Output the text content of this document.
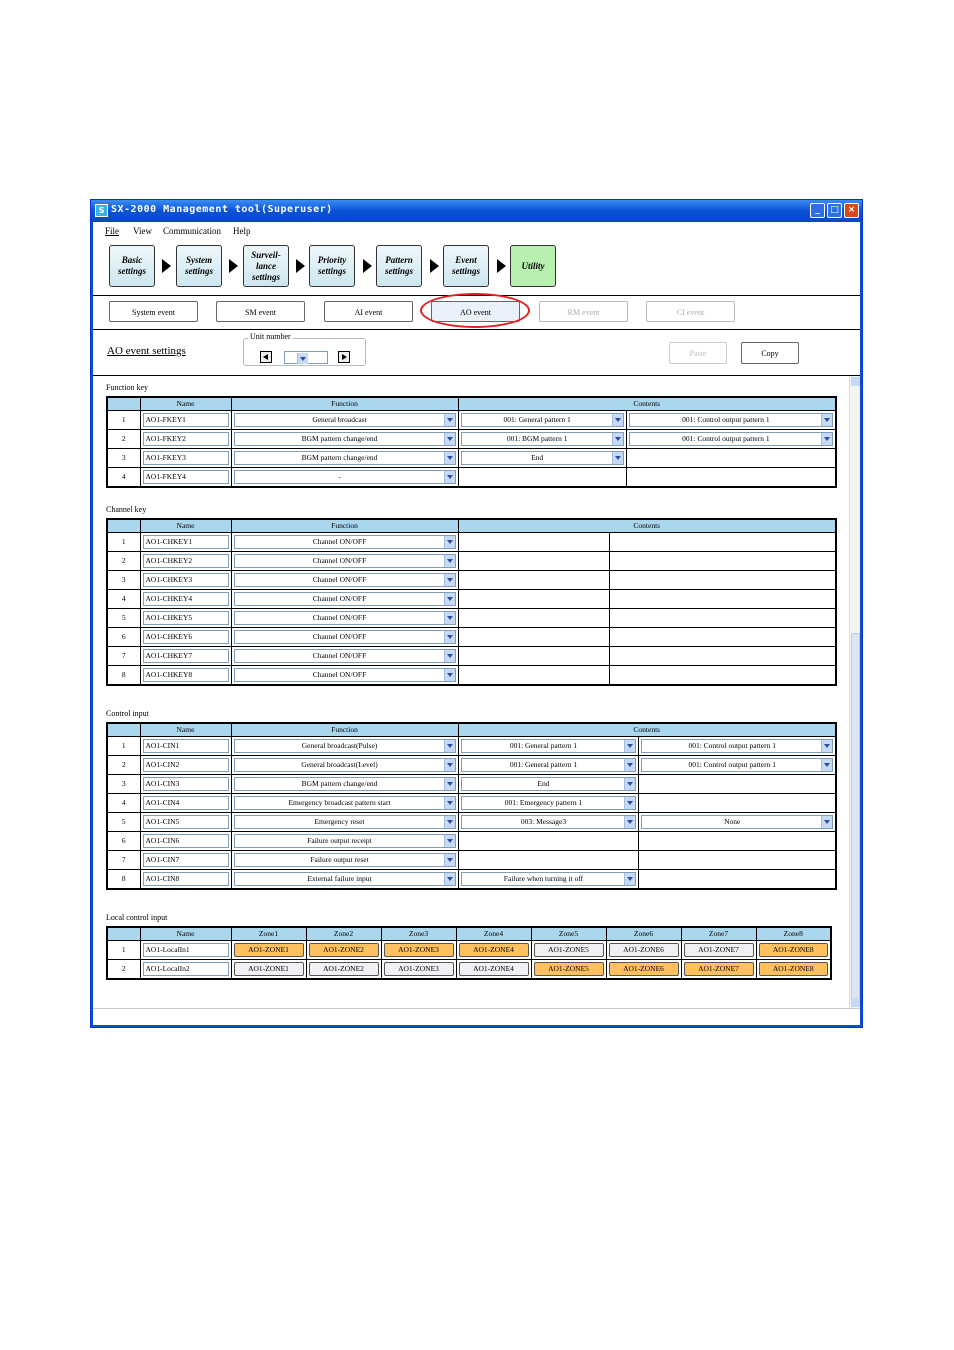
S SX-2000 Management tool(Superuser)	_	□ ×
File View Communication Help
Basic settings
System settings
Surveil-lance settings
Priority settings
Pattern settings
Event settings
Utility
System event	SM event	AI event	AO event	RM event	CI event
AO event settings
Unit number
Paste	Copy
Function key
	Name	Function	Contents	
1	AO1-FKEY1	General broadcast	001: General pattern 1	001: Control output pattern 1

2	AO1-FKEY2	BGM pattern change/end	001: BGM pattern 1	001: Control output pattern 1

3	AO1-FKEY3	BGM pattern change/end	End	

4	AO1-FKEY4	-		

Channel key
	Name	Function	Contents	
1	AO1-CHKEY1	Channel ON/OFF		

2	AO1-CHKEY2	Channel ON/OFF		

3	AO1-CHKEY3	Channel ON/OFF		

4	AO1-CHKEY4	Channel ON/OFF		

5	AO1-CHKEY5	Channel ON/OFF		

6	AO1-CHKEY6	Channel ON/OFF		

7	AO1-CHKEY7	Channel ON/OFF		

8	AO1-CHKEY8	Channel ON/OFF		

Control input
	Name	Function	Contents	
1	AO1-CIN1	General broadcast(Pulse)	001: General pattern 1	001: Control output pattern 1

2	AO1-CIN2	General broadcast(Level)	001: General pattern 1	001: Control output pattern 1

3	AO1-CIN3	BGM pattern change/end	End	

4	AO1-CIN4	Emergency broadcast pattern start	001: Emergency pattern 1	

5	AO1-CIN5	Emergency reset	003: Message3	None

6	AO1-CIN6	Failure output receipt		

7	AO1-CIN7	Failure output reset		

8	AO1-CIN8	External failure input	Failure when turning it off	

Local control input
	Name	Zone1	Zone2	Zone3	Zone4	Zone5	Zone6	Zone7	Zone8
1	AO1-LocalIn1	AO1-ZONE1	AO1-ZONE2	AO1-ZONE3	AO1-ZONE4	AO1-ZONE5	AO1-ZONE6	AO1-ZONE7	AO1-ZONE8

2	AO1-LocalIn2	AO1-ZONE1	AO1-ZONE2	AO1-ZONE3	AO1-ZONE4	AO1-ZONE5	AO1-ZONE6	AO1-ZONE7	AO1-ZONE8
